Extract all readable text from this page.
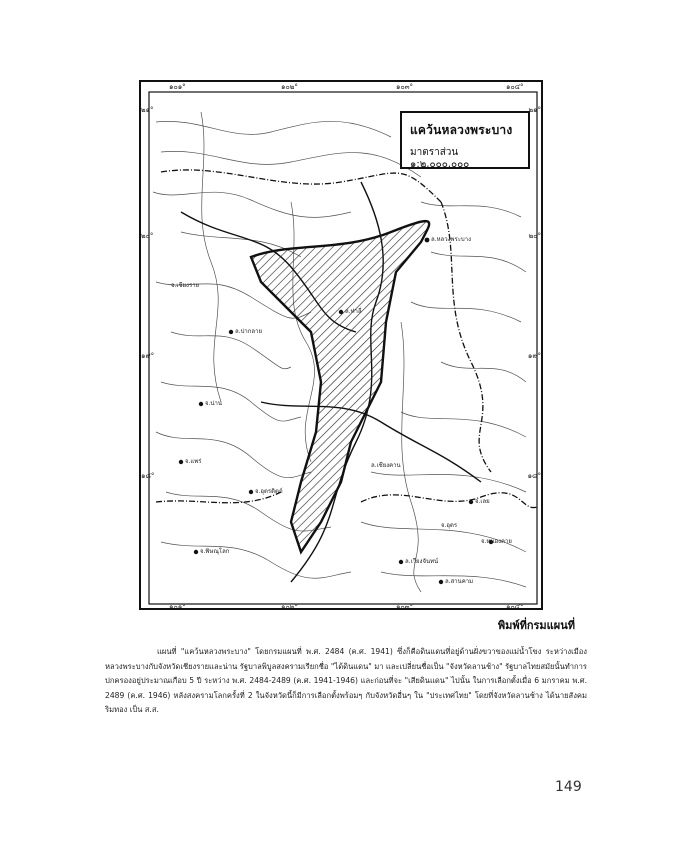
แคว้นหลวงพระบาง
มาตราส่วน ๑:๒,๐๐๐,๐๐๐
๑๐๑°	๑๐๒°	๑๐๓°	๑๐๔°
๑๐๑°	๑๐๒°	๑๐๓°	๑๐๔°
๒๑°
๒๐°
๑๙°
๑๘°
๒๑°
๒๐°
๑๙°
๑๘°
ล.หลวงพระบาง
จ.น่าน
จ.แพร่
จ.อุตรดิตถ์
จ.เลย
จ.พิษณุโลก
ล.เวียงจันทน์
ล.สานคาม
ล.ปากลาย
จ.เชียงราย
ล.ท่าลี่
จ.หนองคาย
ล.เชียงคาน
จ.อุดร
พิมพ์ที่กรมแผนที่
แผนที่ "แคว้นหลวงพระบาง" โดยกรมแผนที่ พ.ศ. 2484 (ค.ศ. 1941) ซึ่งก็คือดินแดนที่อยู่ด้านฝั่งขวาของแม่น้ำโขง ระหว่างเมืองหลวงพระบางกับจังหวัดเชียงรายและน่าน รัฐบาลพิบูลสงครามเรียกชื่อ "ได้ดินแดน" มา และเปลี่ยนชื่อเป็น "จังหวัดลานช้าง" รัฐบาลไทยสมัยนั้นทำการปกครองอยู่ประมาณเกือบ 5 ปี ระหว่าง พ.ศ. 2484-2489 (ค.ศ. 1941-1946) และก่อนที่จะ "เสียดินแดน" ไปนั้น ในการเลือกตั้งเมื่อ 6 มกราคม พ.ศ. 2489 (ค.ศ. 1946) หลังสงครามโลกครั้งที่ 2 ในจังหวัดนี้ก็มีการเลือกตั้งพร้อมๆ กับจังหวัดอื่นๆ ใน "ประเทศไทย" โดยที่จังหวัดลานช้าง ได้นายสังคม ริมทอง เป็น ส.ส.
149
